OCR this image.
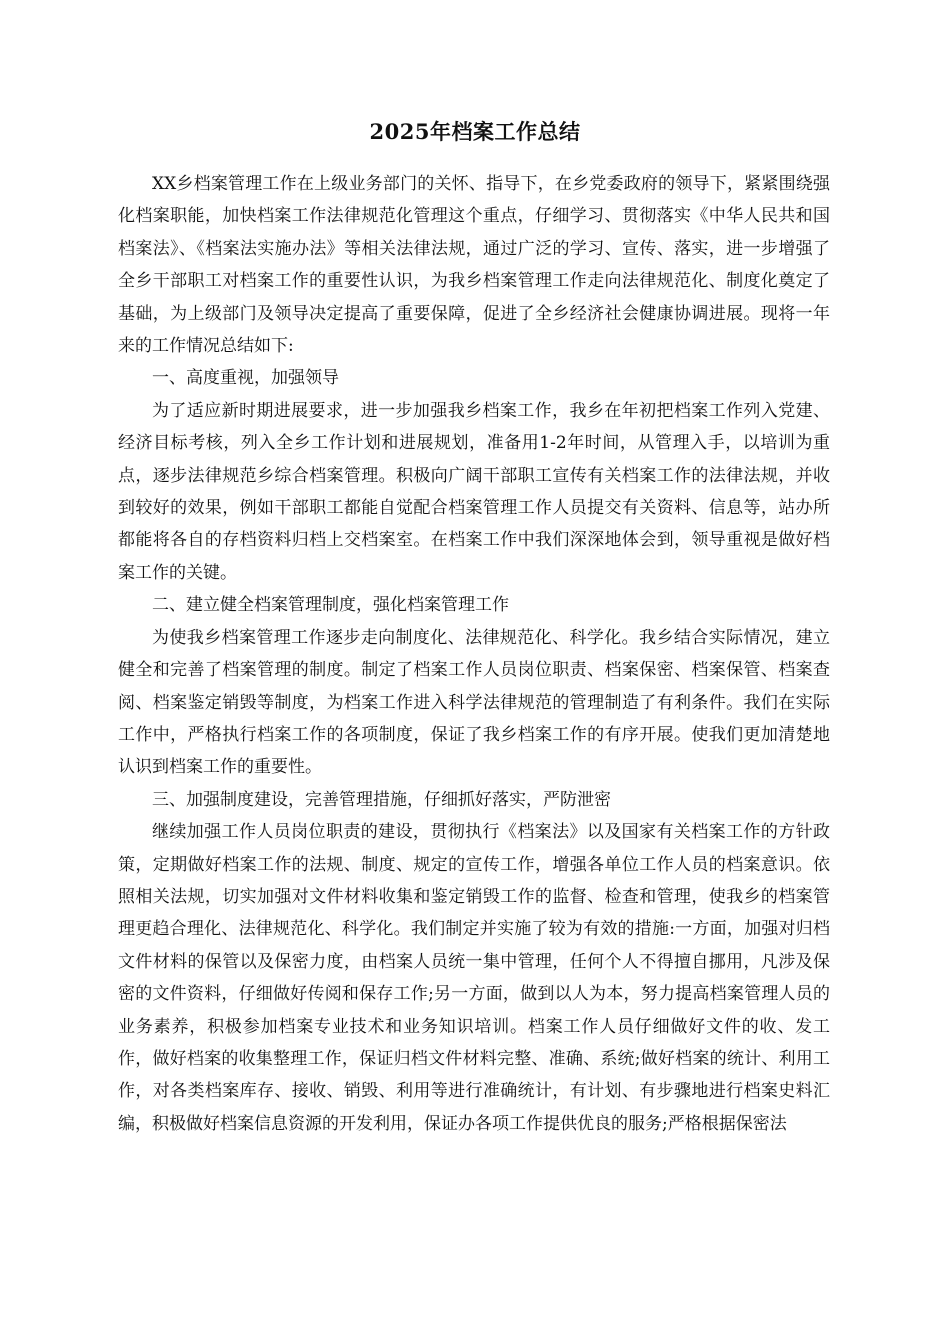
2025年档案工作总结

XX乡档案管理工作在上级业务部门的关怀、指导下，在乡党委政府的领导下，紧紧围绕强化档案职能，加快档案工作法律规范化管理这个重点，仔细学习、贯彻落实《中华人民共和国档案法》、《档案法实施办法》等相关法律法规，通过广泛的学习、宣传、落实，进一步增强了全乡干部职工对档案工作的重要性认识，为我乡档案管理工作走向法律规范化、制度化奠定了基础，为上级部门及领导决定提高了重要保障，促进了全乡经济社会健康协调进展。现将一年来的工作情况总结如下:

一、高度重视，加强领导

为了适应新时期进展要求，进一步加强我乡档案工作，我乡在年初把档案工作列入党建、经济目标考核，列入全乡工作计划和进展规划，准备用1-2年时间，从管理入手，以培训为重点，逐步法律规范乡综合档案管理。积极向广阔干部职工宣传有关档案工作的法律法规，并收到较好的效果，例如干部职工都能自觉配合档案管理工作人员提交有关资料、信息等，站办所都能将各自的存档资料归档上交档案室。在档案工作中我们深深地体会到，领导重视是做好档案工作的关键。

二、建立健全档案管理制度，强化档案管理工作

为使我乡档案管理工作逐步走向制度化、法律规范化、科学化。我乡结合实际情况，建立健全和完善了档案管理的制度。制定了档案工作人员岗位职责、档案保密、档案保管、档案查阅、档案鉴定销毁等制度，为档案工作进入科学法律规范的管理制造了有利条件。我们在实际工作中，严格执行档案工作的各项制度，保证了我乡档案工作的有序开展。使我们更加清楚地认识到档案工作的重要性。

三、加强制度建设，完善管理措施，仔细抓好落实，严防泄密

继续加强工作人员岗位职责的建设，贯彻执行《档案法》以及国家有关档案工作的方针政策，定期做好档案工作的法规、制度、规定的宣传工作，增强各单位工作人员的档案意识。依照相关法规，切实加强对文件材料收集和鉴定销毁工作的监督、检查和管理，使我乡的档案管理更趋合理化、法律规范化、科学化。我们制定并实施了较为有效的措施:一方面，加强对归档文件材料的保管以及保密力度，由档案人员统一集中管理，任何个人不得擅自挪用，凡涉及保密的文件资料，仔细做好传阅和保存工作;另一方面，做到以人为本，努力提高档案管理人员的业务素养，积极参加档案专业技术和业务知识培训。档案工作人员仔细做好文件的收、发工作，做好档案的收集整理工作，保证归档文件材料完整、准确、系统;做好档案的统计、利用工作，对各类档案库存、接收、销毁、利用等进行准确统计，有计划、有步骤地进行档案史料汇编，积极做好档案信息资源的开发利用，保证办各项工作提供优良的服务;严格根据保密法
